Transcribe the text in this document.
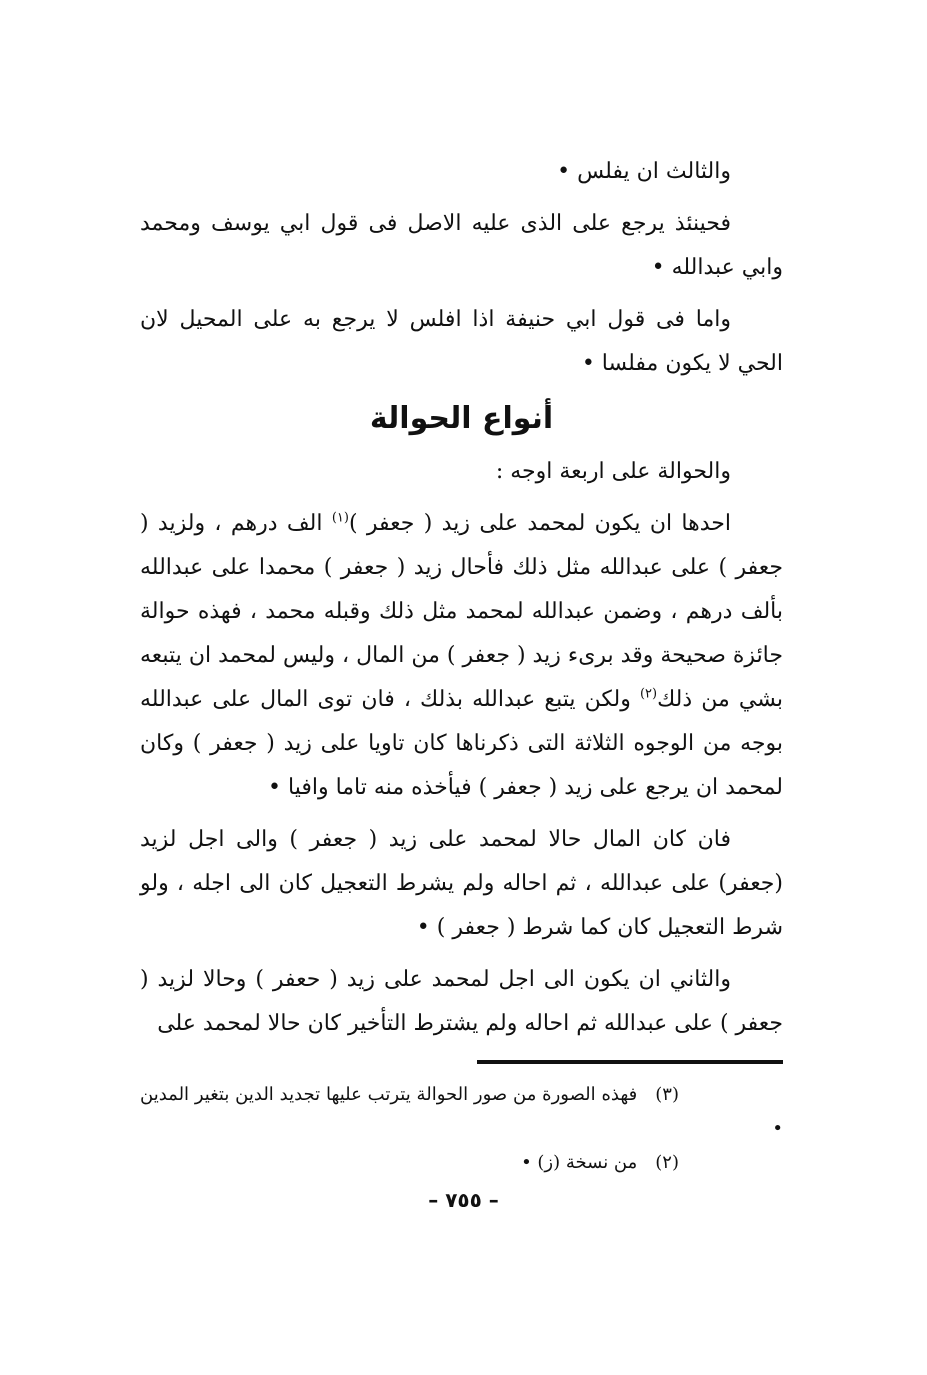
والثالث ان يفلس •

فحينئذ يرجع على الذى عليه الاصل فى قول ابي يوسف ومحمد وابي عبدالله •

واما فى قول ابي حنيفة اذا افلس لا يرجع به على المحيل لان الحي لا يكون مفلسا •

أنواع الحوالة

والحوالة على اربعة اوجه :

احدها ان يكون لمحمد على زيد ( جعفر )$^{(١)}$ الف درهم ، ولزيد ( جعفر ) على عبدالله مثل ذلك فأحال زيد ( جعفر ) محمدا على عبدالله بألف درهم ، وضمن عبدالله لمحمد مثل ذلك وقبله محمد ، فهذه حوالة جائزة صحيحة وقد برىء زيد ( جعفر ) من المال ، وليس لمحمد ان يتبعه بشي من ذلك$^{(٢)}$ ولكن يتبع عبدالله بذلك ، فان توى المال على عبدالله بوجه من الوجوه الثلاثة التى ذكرناها كان تاويا على زيد ( جعفر ) وكان لمحمد ان يرجع على زيد ( جعفر ) فيأخذه منه تاما وافيا •

فان كان المال حالا لمحمد على زيد ( جعفر ) والى اجل لزيد (جعفر) على عبدالله ، ثم احاله ولم يشرط التعجيل كان الى اجله ، ولو شرط التعجيل كان كما شرط ( جعفر ) •

والثاني ان يكون الى اجل لمحمد على زيد ( حعفر ) وحالا لزيد ( جعفر ) على عبدالله ثم احاله ولم يشترط التأخير كان حالا لمحمد على

(٣)فهذه الصورة من صور الحوالة يترتب عليها تجديد الدين بتغير المدين •

(٢)من نسخة (ز) •

– ٧٥٥ –
